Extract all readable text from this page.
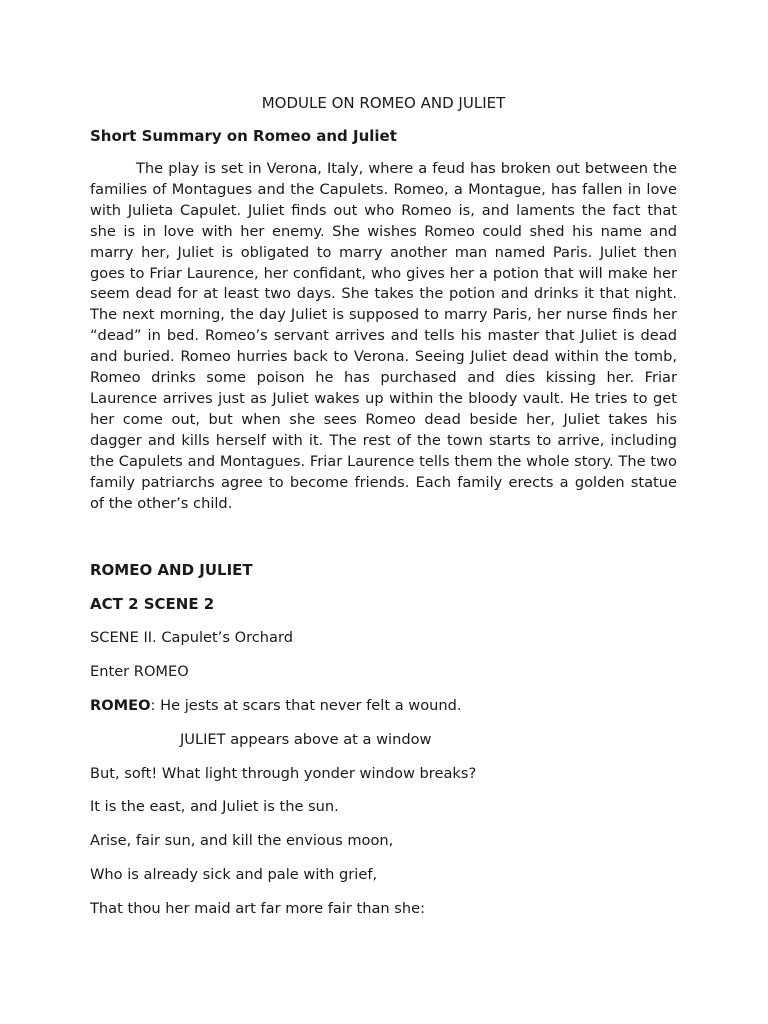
MODULE ON ROMEO AND JULIET
Short Summary on Romeo and Juliet

The play is set in Verona, Italy, where a feud has broken out between the families of Montagues and the Capulets. Romeo, a Montague, has fallen in love with Julieta Capulet. Juliet finds out who Romeo is, and laments the fact that she is in love with her enemy. She wishes Romeo could shed his name and marry her, Juliet is obligated to marry another man named Paris. Juliet then goes to Friar Laurence, her confidant, who gives her a potion that will make her seem dead for at least two days. She takes the potion and drinks it that night. The next morning, the day Juliet is supposed to marry Paris, her nurse finds her “dead” in bed. Romeo’s servant arrives and tells his master that Juliet is dead and buried. Romeo hurries back to Verona. Seeing Juliet dead within the tomb, Romeo drinks some poison he has purchased and dies kissing her. Friar Laurence arrives just as Juliet wakes up within the bloody vault. He tries to get her come out, but when she sees Romeo dead beside her, Juliet takes his dagger and kills herself with it. The rest of the town starts to arrive, including the Capulets and Montagues. Friar Laurence tells them the whole story. The two family patriarchs agree to become friends. Each family erects a golden statue of the other’s child.

ROMEO AND JULIET
ACT 2 SCENE 2
SCENE II. Capulet’s Orchard
Enter ROMEO
ROMEO: He jests at scars that never felt a wound.
JULIET appears above at a window
But, soft! What light through yonder window breaks?
It is the east, and Juliet is the sun.
Arise, fair sun, and kill the envious moon,
Who is already sick and pale with grief,
That thou her maid art far more fair than she:
